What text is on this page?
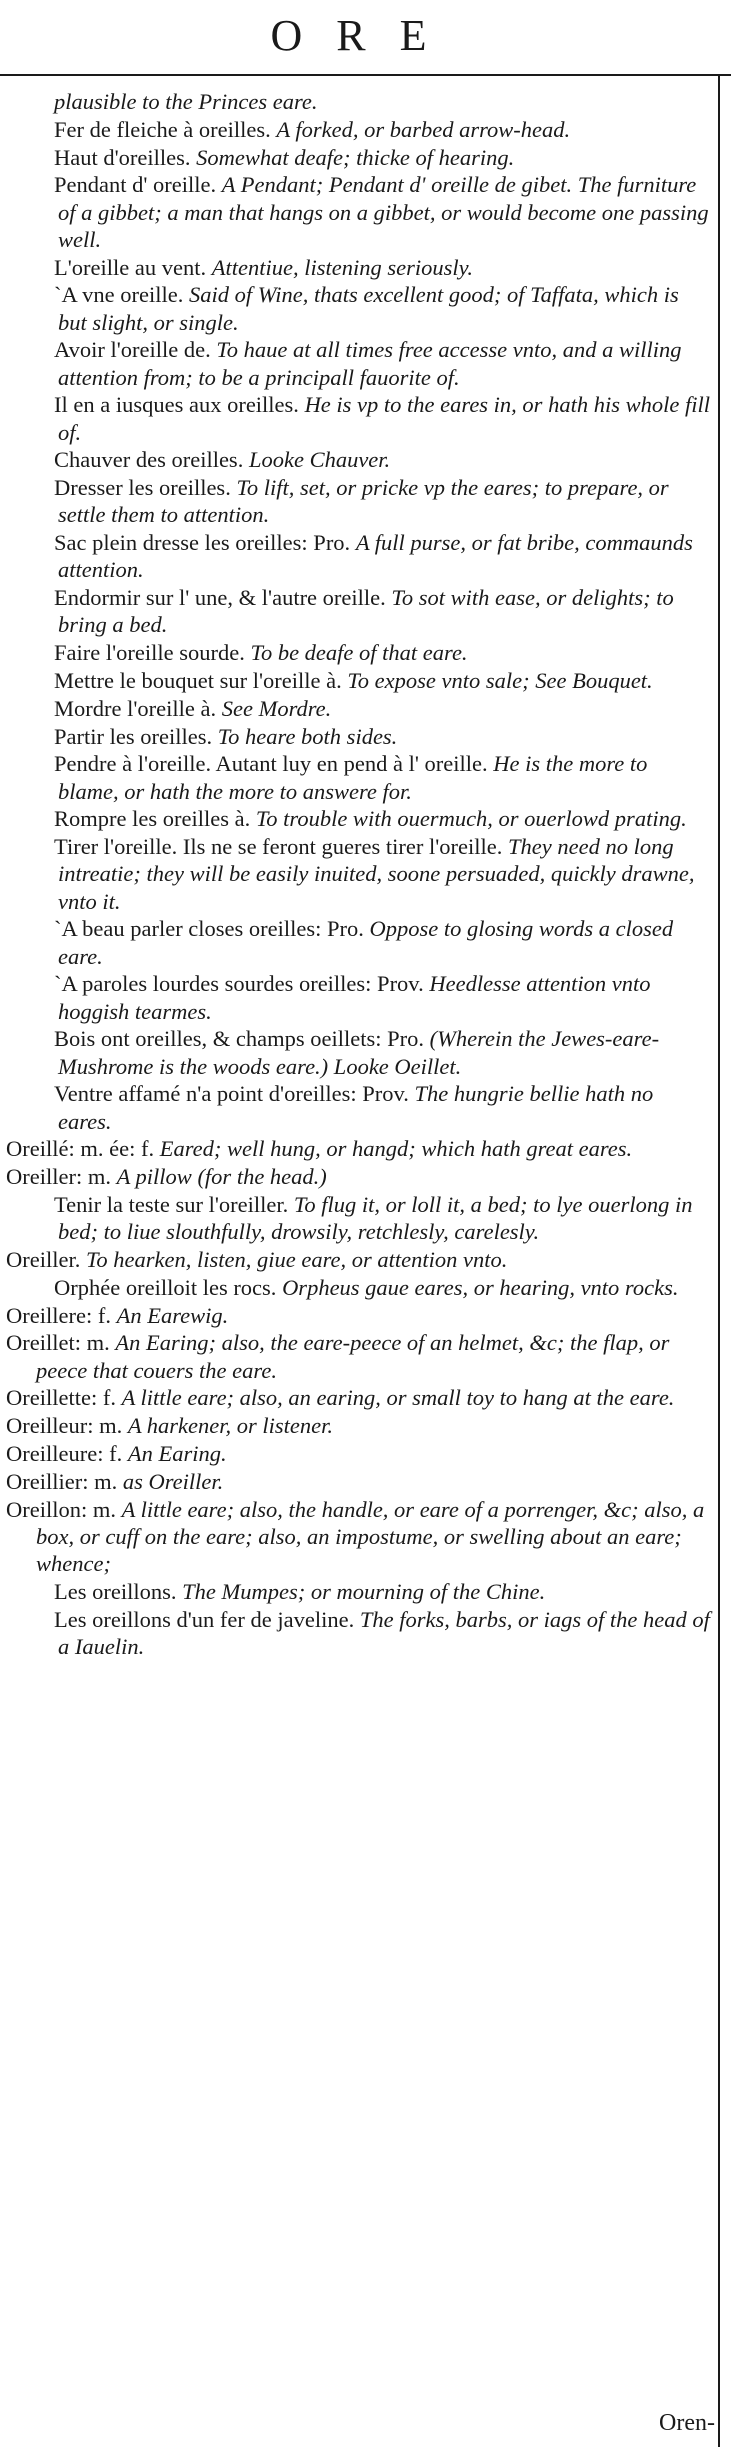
ORE
plausible to the Princes eare.
Fer de fleiche à oreilles. A forked, or barbed arrow-head.
Haut d'oreilles. Somewhat deafe; thicke of hearing.
Pendant d' oreille. A Pendant; Pendant d' oreille de gibet. The furniture of a gibbet; a man that hangs on a gibbet, or would become one passing well.
L'oreille au vent. Attentiue, listening seriously.
`A vne oreille. Said of Wine, thats excellent good; of Taffata, which is but slight, or single.
Avoir l'oreille de. To haue at all times free accesse vnto, and a willing attention from; to be a principall fauorite of.
Il en a iusques aux oreilles. He is vp to the eares in, or hath his whole fill of.
Chauver des oreilles. Looke Chauver.
Dresser les oreilles. To lift, set, or pricke vp the eares; to prepare, or settle them to attention.
Sac plein dresse les oreilles: Pro. A full purse, or fat bribe, commaunds attention.
Endormir sur l' une, & l'autre oreille. To sot with ease, or delights; to bring a bed.
Faire l'oreille sourde. To be deafe of that eare.
Mettre le bouquet sur l'oreille à. To expose vnto sale; See Bouquet.
Mordre l'oreille à. See Mordre.
Partir les oreilles. To heare both sides.
Pendre à l'oreille. Autant luy en pend à l' oreille. He is the more to blame, or hath the more to answere for.
Rompre les oreilles à. To trouble with ouermuch, or ouerlowd prating.
Tirer l'oreille. Ils ne se feront gueres tirer l'oreille. They need no long intreatie; they will be easily inuited, soone persuaded, quickly drawne, vnto it.
`A beau parler closes oreilles: Pro. Oppose to glosing words a closed eare.
`A paroles lourdes sourdes oreilles: Prov. Heedlesse attention vnto hoggish tearmes.
Bois ont oreilles, & champs oeillets: Pro. (Wherein the Jewes-eare-Mushrome is the woods eare.) Looke Oeillet.
Ventre affamé n'a point d'oreilles: Prov. The hungrie bellie hath no eares.
Oreillé: m. ée: f. Eared; well hung, or hangd; which hath great eares.
Oreiller: m. A pillow (for the head.)
Tenir la teste sur l'oreiller. To flug it, or loll it, a bed; to lye ouerlong in bed; to liue slouthfully, drowsily, retchlesly, carelesly.
Oreiller. To hearken, listen, giue eare, or attention vnto.
Orphée oreilloit les rocs. Orpheus gaue eares, or hearing, vnto rocks.
Oreillere: f. An Earewig.
Oreillet: m. An Earing; also, the eare-peece of an helmet, &c; the flap, or peece that couers the eare.
Oreillette: f. A little eare; also, an earing, or small toy to hang at the eare.
Oreilleur: m. A harkener, or listener.
Oreilleure: f. An Earing.
Oreillier: m. as Oreiller.
Oreillon: m. A little eare; also, the handle, or eare of a porrenger, &c; also, a box, or cuff on the eare; also, an impostume, or swelling about an eare; whence;
Les oreillons. The Mumpes; or mourning of the Chine.
Les oreillons d'un fer de javeline. The forks, barbs, or iags of the head of a Iauelin.
Oren-
